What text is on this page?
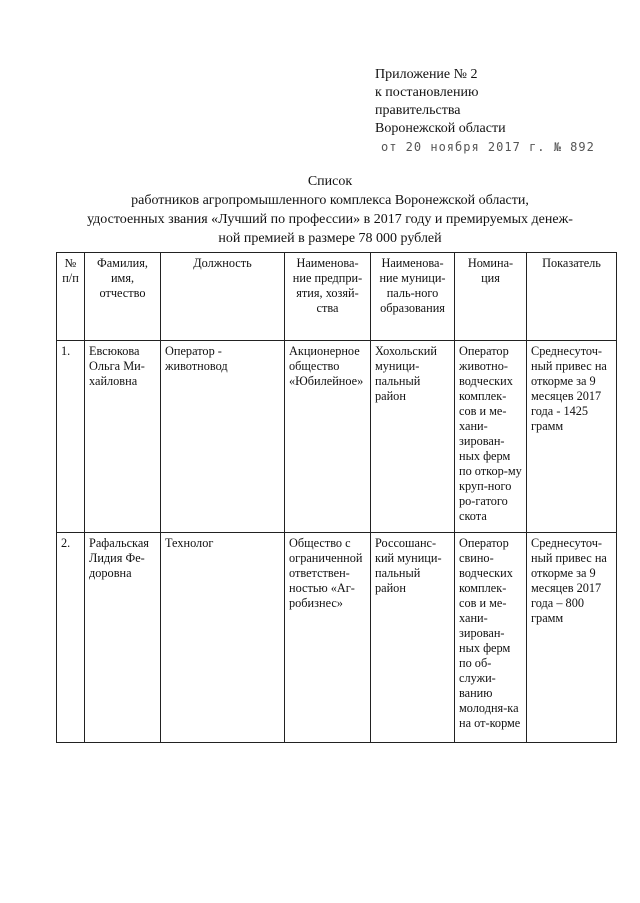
Приложение № 2
к постановлению
правительства
Воронежской области
от 20 ноября 2017 г. № 892
Список
работников агропромышленного комплекса Воронежской области,
удостоенных звания «Лучший по профессии» в 2017 году и премируемых денеж-
ной премией в размере 78 000 рублей
№ п/п	Фамилия, имя, отчество	Должность	Наименова-ние предпри-ятия, хозяй-ства	Наименова-ние муници-паль-ного образования	Номина-ция	Показатель
1.	Евсюкова Ольга Ми-хайловна	Оператор - животновод	Акционерное общество «Юбилейное»	Хохольский муници-пальный район	Оператор животно-водческих комплек-сов и ме-хани-зирован-ных ферм по откор-му круп-ного ро-гатого скота	Среднесуточ-ный привес на откорме за 9 месяцев 2017 года - 1425 грамм
2.	Рафальская Лидия Фе-доровна	Технолог	Общество с ограниченной ответствен-ностью «Аг-робизнес»	Россошанс-кий муници-пальный район	Оператор свино-водческих комплек-сов и ме-хани-зирован-ных ферм по об-служи-ванию молодня-ка на от-корме	Среднесуточ-ный привес на откорме за 9 месяцев 2017 года – 800 грамм
